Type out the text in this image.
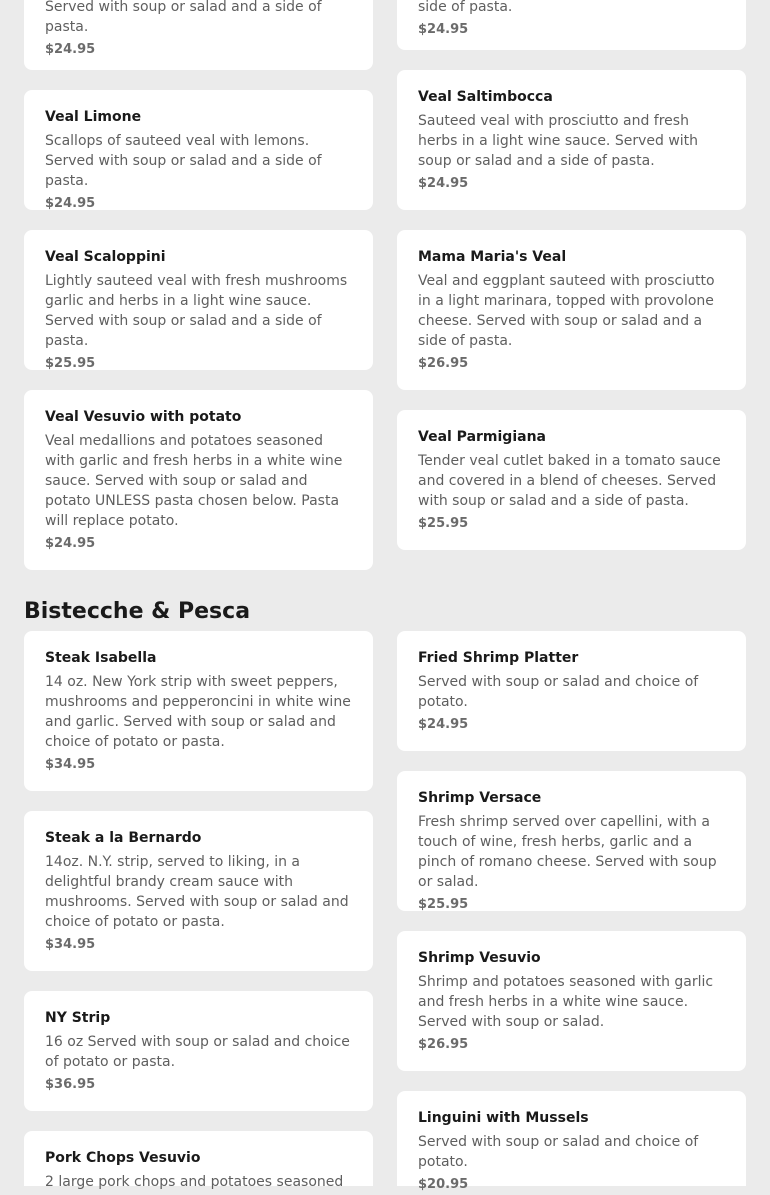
Served with soup or salad and a side of pasta.

$24.95

side of pasta.

$24.95

Veal Limone

Scallops of sauteed veal with lemons. Served with soup or salad and a side of pasta.

$24.95

Veal Saltimbocca

Sauteed veal with prosciutto and fresh herbs in a light wine sauce. Served with soup or salad and a side of pasta.

$24.95

Veal Scaloppini

Lightly sauteed veal with fresh mushrooms garlic and herbs in a light wine sauce. Served with soup or salad and a side of pasta.

$25.95

Mama Maria's Veal

Veal and eggplant sauteed with prosciutto in a light marinara, topped with provolone cheese. Served with soup or salad and a side of pasta.

$26.95

Veal Vesuvio with potato

Veal medallions and potatoes seasoned with garlic and fresh herbs in a white wine sauce. Served with soup or salad and potato UNLESS pasta chosen below. Pasta will replace potato.

$24.95

Veal Parmigiana

Tender veal cutlet baked in a tomato sauce and covered in a blend of cheeses. Served with soup or salad and a side of pasta.

$25.95

Bistecche & Pesca

Steak Isabella

14 oz. New York strip with sweet peppers, mushrooms and pepperoncini in white wine and garlic. Served with soup or salad and choice of potato or pasta.

$34.95

Fried Shrimp Platter

Served with soup or salad and choice of potato.

$24.95

Steak a la Bernardo

14oz. N.Y. strip, served to liking, in a delightful brandy cream sauce with mushrooms. Served with soup or salad and choice of potato or pasta.

$34.95

Shrimp Versace

Fresh shrimp served over capellini, with a touch of wine, fresh herbs, garlic and a pinch of romano cheese. Served with soup or salad.

$25.95

NY Strip

16 oz Served with soup or salad and choice of potato or pasta.

$36.95

Shrimp Vesuvio

Shrimp and potatoes seasoned with garlic and fresh herbs in a white wine sauce. Served with soup or salad.

$26.95

Pork Chops Vesuvio

2 large pork chops and potatoes seasoned

Linguini with Mussels

Served with soup or salad and choice of potato.

$20.95
